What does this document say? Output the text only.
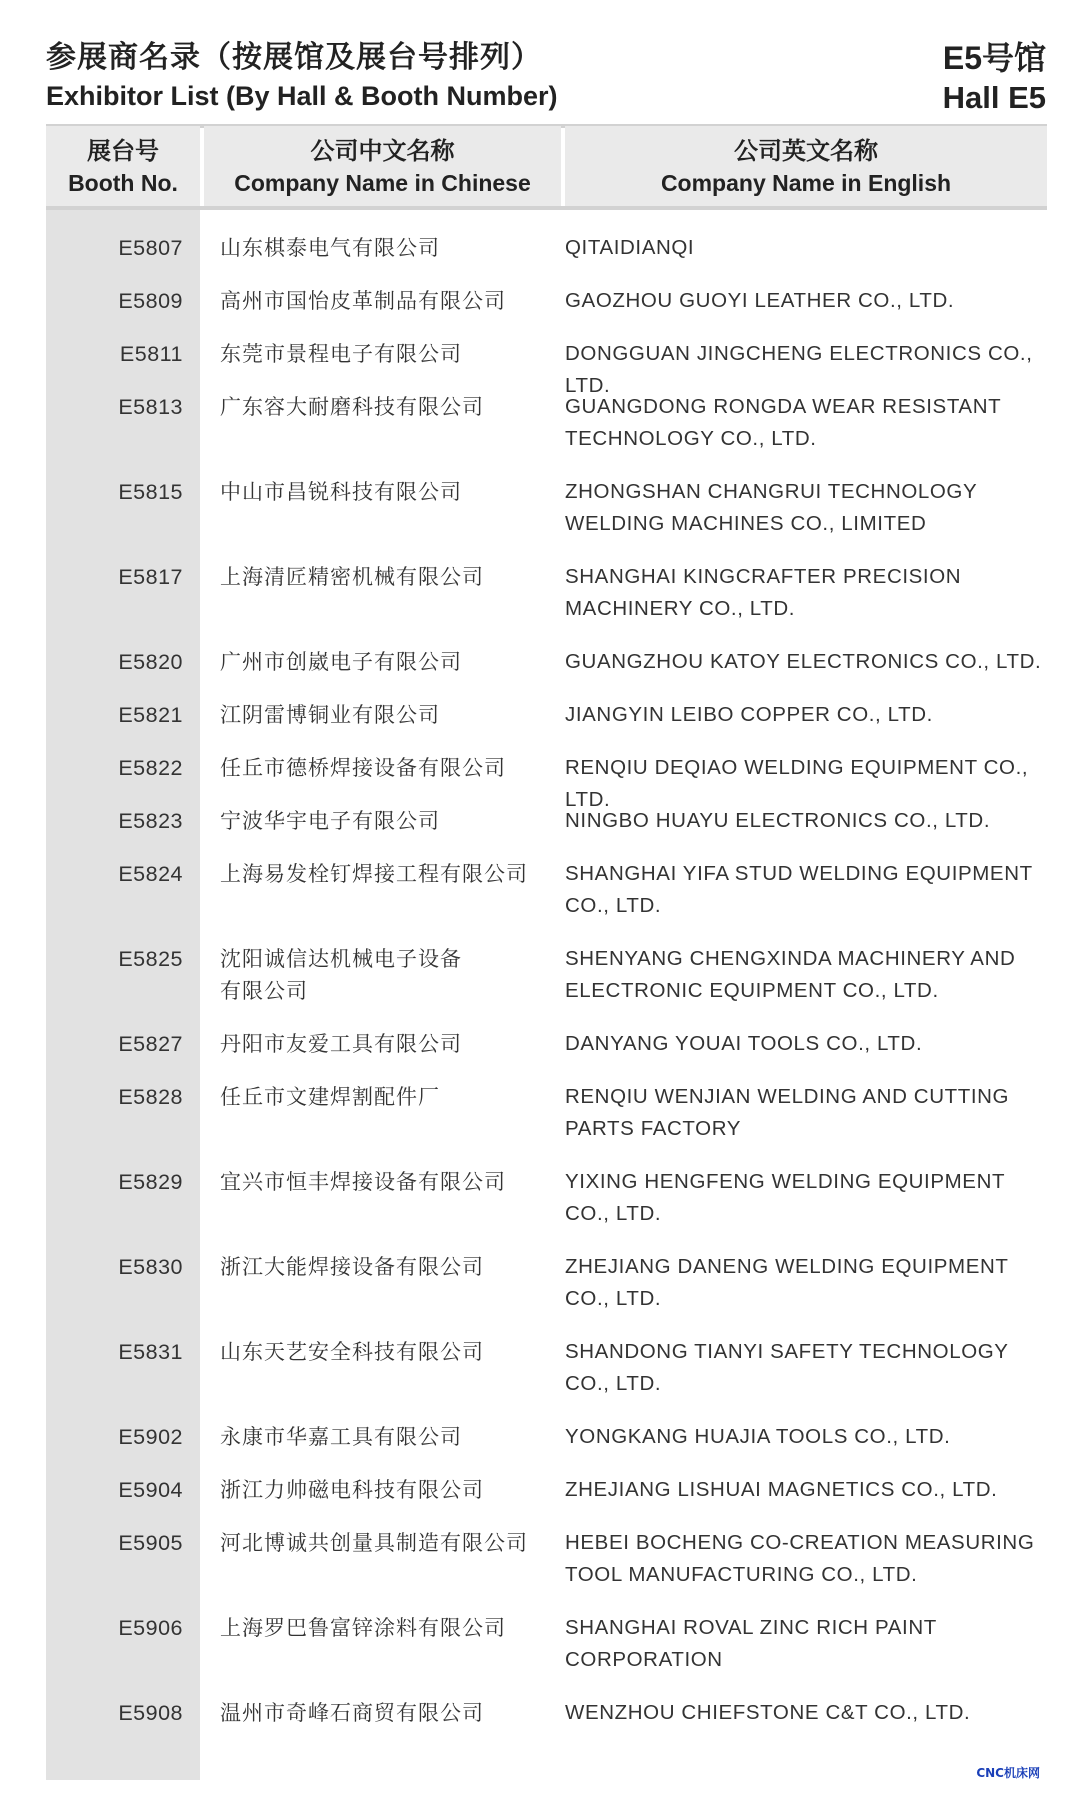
参展商名录（按展馆及展台号排列）
Exhibitor List (By Hall & Booth Number)
E5号馆
Hall E5
展台号
Booth No.
公司中文名称
Company Name in Chinese
公司英文名称
Company Name in English
E5807 山东棋泰电气有限公司	QITAIDIANQI
E5809 高州市国怡皮革制品有限公司	GAOZHOU GUOYI LEATHER CO., LTD.
E5811 东莞市景程电子有限公司	DONGGUAN JINGCHENG ELECTRONICS CO., LTD.
E5813 广东容大耐磨科技有限公司	GUANGDONG RONGDA WEAR RESISTANT
TECHNOLOGY CO., LTD.
E5815 中山市昌锐科技有限公司	ZHONGSHAN CHANGRUI TECHNOLOGY
WELDING MACHINES CO., LIMITED
E5817 上海清匠精密机械有限公司	SHANGHAI KINGCRAFTER PRECISION
MACHINERY CO., LTD.
E5820 广州市创崴电子有限公司	GUANGZHOU KATOY ELECTRONICS CO., LTD.
E5821 江阴雷博铜业有限公司	JIANGYIN LEIBO COPPER CO., LTD.
E5822 任丘市德桥焊接设备有限公司	RENQIU DEQIAO WELDING EQUIPMENT CO., LTD.
E5823 宁波华宇电子有限公司	NINGBO HUAYU ELECTRONICS CO., LTD.
E5824 上海易发栓钉焊接工程有限公司	SHANGHAI YIFA STUD WELDING EQUIPMENT
CO., LTD.
E5825 沈阳诚信达机械电子设备
有限公司
SHENYANG CHENGXINDA MACHINERY AND
ELECTRONIC EQUIPMENT CO., LTD.
E5827 丹阳市友爱工具有限公司	DANYANG YOUAI TOOLS CO., LTD.
E5828 任丘市文建焊割配件厂	RENQIU WENJIAN WELDING AND CUTTING
PARTS FACTORY
E5829 宜兴市恒丰焊接设备有限公司	YIXING HENGFENG WELDING EQUIPMENT
CO., LTD.
E5830 浙江大能焊接设备有限公司	ZHEJIANG DANENG WELDING EQUIPMENT
CO., LTD.
E5831 山东天艺安全科技有限公司	SHANDONG TIANYI SAFETY TECHNOLOGY
CO., LTD.
E5902 永康市华嘉工具有限公司	YONGKANG HUAJIA TOOLS CO., LTD.
E5904 浙江力帅磁电科技有限公司	ZHEJIANG LISHUAI MAGNETICS CO., LTD.
E5905 河北博诚共创量具制造有限公司	HEBEI BOCHENG CO-CREATION MEASURING
TOOL MANUFACTURING CO., LTD.
E5906 上海罗巴鲁富锌涂料有限公司	SHANGHAI ROVAL ZINC RICH PAINT
CORPORATION
E5908 温州市奇峰石商贸有限公司	WENZHOU CHIEFSTONE C&T CO., LTD.
CNC机床网
